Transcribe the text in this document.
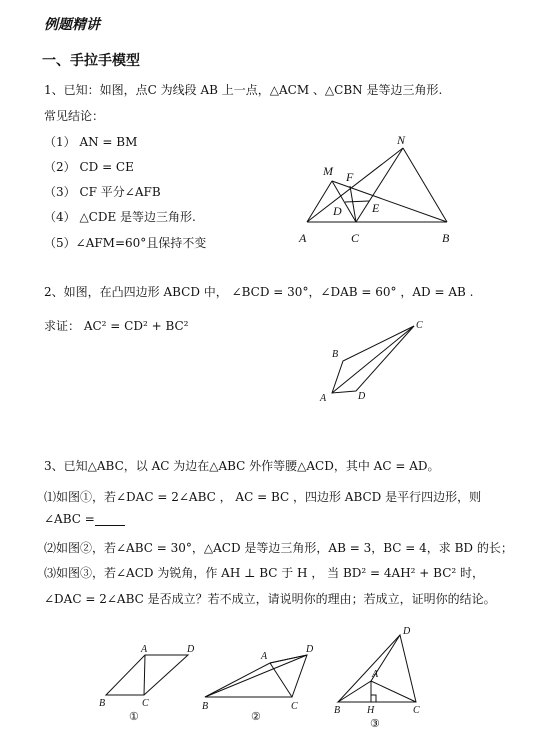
例题精讲
一、手拉手模型
1、已知：如图，点C 为线段 AB 上一点，△ACM 、△CBN 是等边三角形.
常见结论：
（1） AN = BM
（2） CD = CE
（3） CF 平分∠AFB
（4） △CDE 是等边三角形.
（5）∠AFM=60°且保持不变
N
M F
D	E
A	C	B
2、如图，在凸四边形 ABCD 中， ∠BCD = 30°，∠DAB = 60° ，AD = AB .
求证： AC² = CD² + BC²
B
C
A	D
3、已知△ABC，以 AC 为边在△ABC 外作等腰△ACD，其中 AC = AD。
⑴如图①，若∠DAC = 2∠ABC ， AC = BC ，四边形 ABCD 是平行四边形，则
∠ABC =
⑵如图②，若∠ABC = 30°，△ACD 是等边三角形，AB = 3，BC = 4，求 BD 的长；
⑶如图③，若∠ACD 为锐角，作 AH ⊥ BC 于 H ， 当 BD² = 4AH² + BC² 时，
∠DAC = 2∠ABC 是否成立？若不成立，请说明你的理由；若成立，证明你的结论。
A	D
B	C
①
A
D
B	C
②
D
A
B	H	C
③
